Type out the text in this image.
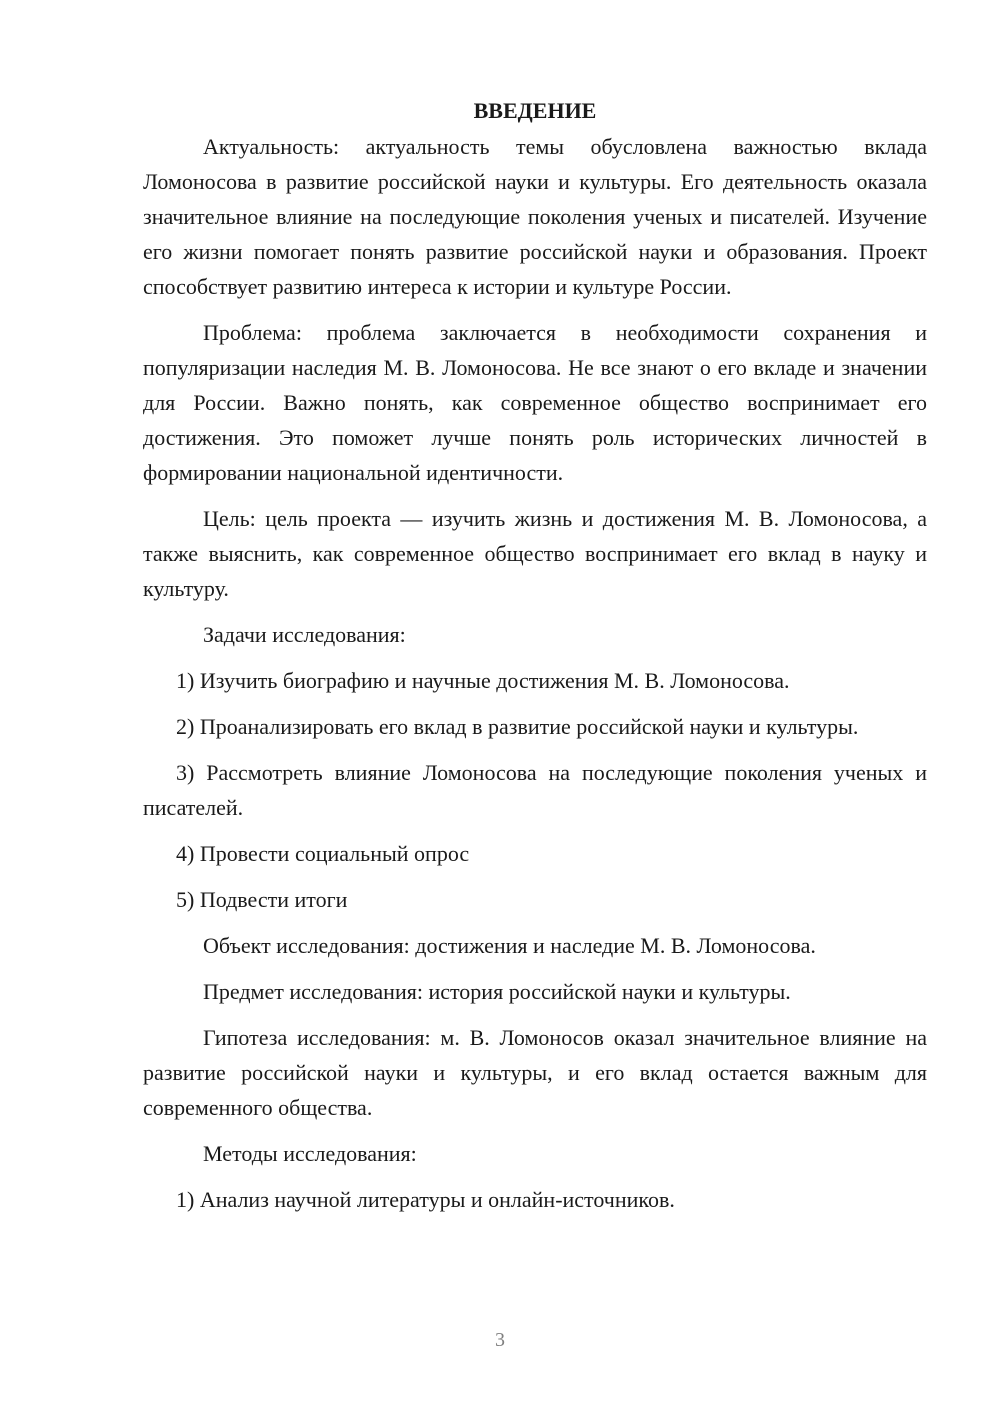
ВВЕДЕНИЕ

Актуальность: актуальность темы обусловлена важностью вклада Ломоносова в развитие российской науки и культуры. Его деятельность оказала значительное влияние на последующие поколения ученых и писателей. Изучение его жизни помогает понять развитие российской науки и образования. Проект способствует развитию интереса к истории и культуре России.

Проблема: проблема заключается в необходимости сохранения и популяризации наследия М. В. Ломоносова. Не все знают о его вкладе и значении для России. Важно понять, как современное общество воспринимает его достижения. Это поможет лучше понять роль исторических личностей в формировании национальной идентичности.

Цель: цель проекта — изучить жизнь и достижения М. В. Ломоносова, а также выяснить, как современное общество воспринимает его вклад в науку и культуру.

Задачи исследования:

1) Изучить биографию и научные достижения М. В. Ломоносова.

2) Проанализировать его вклад в развитие российской науки и культуры.

3) Рассмотреть влияние Ломоносова на последующие поколения ученых и писателей.

4) Провести социальный опрос

5) Подвести итоги

Объект исследования: достижения и наследие М. В. Ломоносова.

Предмет исследования: история российской науки и культуры.

Гипотеза исследования: м. В. Ломоносов оказал значительное влияние на развитие российской науки и культуры, и его вклад остается важным для современного общества.

Методы исследования:

1) Анализ научной литературы и онлайн-источников.

3
